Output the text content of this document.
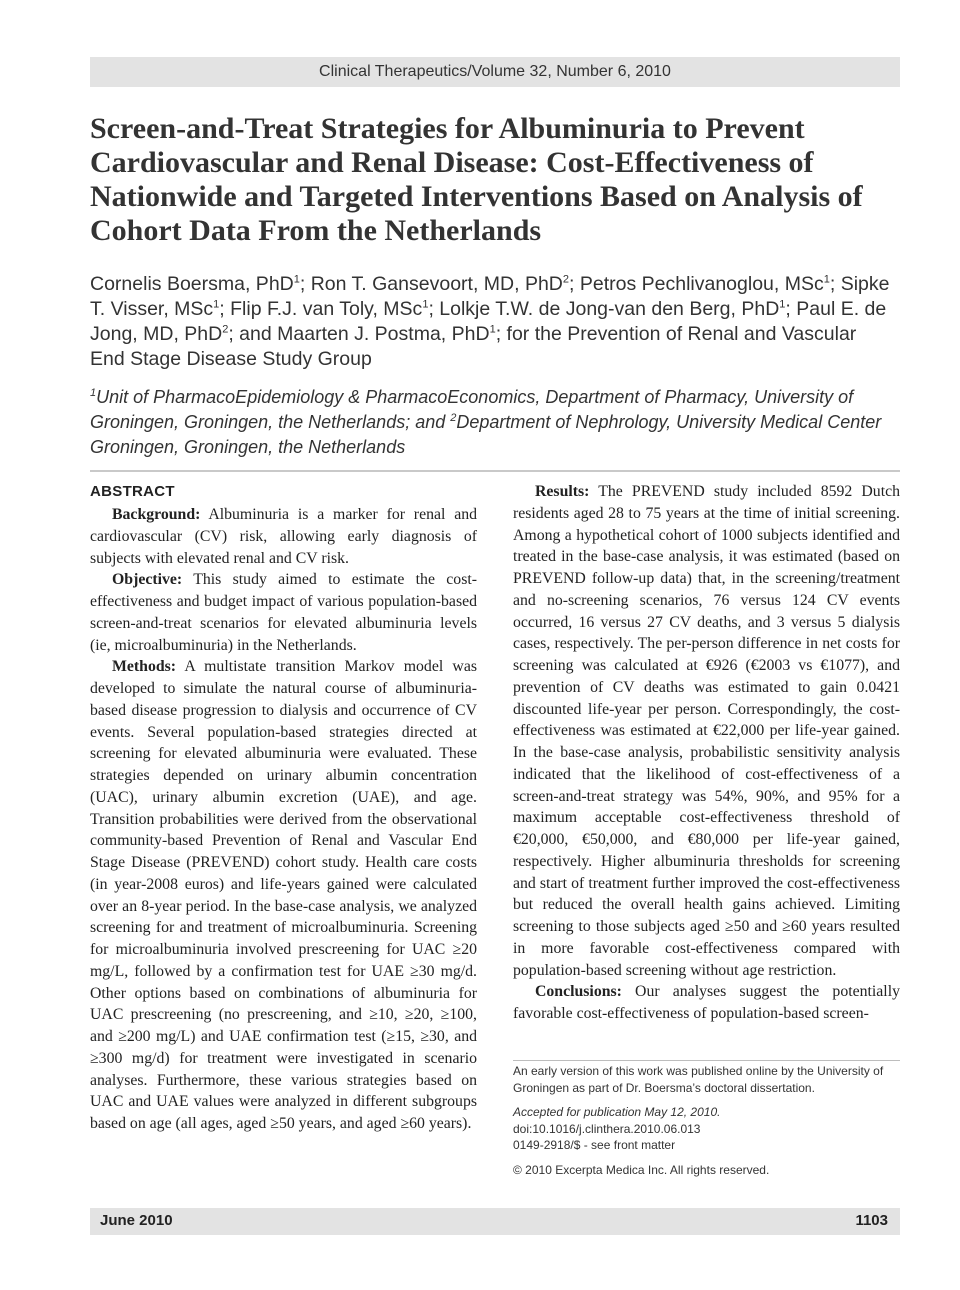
Clinical Therapeutics/Volume 32, Number 6, 2010
Screen-and-Treat Strategies for Albuminuria to Prevent Cardiovascular and Renal Disease: Cost-Effectiveness of Nationwide and Targeted Interventions Based on Analysis of Cohort Data From the Netherlands
Cornelis Boersma, PhD$^1$; Ron T. Gansevoort, MD, PhD$^2$; Petros Pechlivanoglou, MSc$^1$; Sipke T. Visser, MSc$^1$; Flip F.J. van Toly, MSc$^1$; Lolkje T.W. de Jong-van den Berg, PhD$^1$; Paul E. de Jong, MD, PhD$^2$; and Maarten J. Postma, PhD$^1$; for the Prevention of Renal and Vascular End Stage Disease Study Group
$^1$Unit of PharmacoEpidemiology & PharmacoEconomics, Department of Pharmacy, University of Groningen, Groningen, the Netherlands; and $^2$Department of Nephrology, University Medical Center Groningen, Groningen, the Netherlands
ABSTRACT

Background: Albuminuria is a marker for renal and cardiovascular (CV) risk, allowing early diagnosis of subjects with elevated renal and CV risk.

Objective: This study aimed to estimate the cost-effectiveness and budget impact of various population-based screen-and-treat scenarios for elevated albuminuria levels (ie, microalbuminuria) in the Netherlands.

Methods: A multistate transition Markov model was developed to simulate the natural course of albuminuria-based disease progression to dialysis and occurrence of CV events. Several population-based strategies directed at screening for elevated albuminuria were evaluated. These strategies depended on urinary albumin concentration (UAC), urinary albumin excretion (UAE), and age. Transition probabilities were derived from the observational community-based Prevention of Renal and Vascular End Stage Disease (PREVEND) cohort study. Health care costs (in year-2008 euros) and life-years gained were calculated over an 8-year period. In the base-case analysis, we analyzed screening for and treatment of microalbuminuria. Screening for microalbuminuria involved prescreening for UAC ≥20 mg/L, followed by a confirmation test for UAE ≥30 mg/d. Other options based on combinations of albuminuria for UAC prescreening (no prescreening, and ≥10, ≥20, ≥100, and ≥200 mg/L) and UAE confirmation test (≥15, ≥30, and ≥300 mg/d) for treatment were investigated in scenario analyses. Furthermore, these various strategies based on UAC and UAE values were analyzed in different subgroups based on age (all ages, aged ≥50 years, and aged ≥60 years).

Results: The PREVEND study included 8592 Dutch residents aged 28 to 75 years at the time of initial screening. Among a hypothetical cohort of 1000 subjects identified and treated in the base-case analysis, it was estimated (based on PREVEND follow-up data) that, in the screening/treatment and no-screening scenarios, 76 versus 124 CV events occurred, 16 versus 27 CV deaths, and 3 versus 5 dialysis cases, respectively. The per-person difference in net costs for screening was calculated at €926 (€2003 vs €1077), and prevention of CV deaths was estimated to gain 0.0421 discounted life-year per person. Correspondingly, the cost-effectiveness was estimated at €22,000 per life-year gained. In the base-case analysis, probabilistic sensitivity analysis indicated that the likelihood of cost-effectiveness of a screen-and-treat strategy was 54%, 90%, and 95% for a maximum acceptable cost-effectiveness threshold of €20,000, €50,000, and €80,000 per life-year gained, respectively. Higher albuminuria thresholds for screening and start of treatment further improved the cost-effectiveness but reduced the overall health gains achieved. Limiting screening to those subjects aged ≥50 and ≥60 years resulted in more favorable cost-effectiveness compared with population-based screening without age restriction.

Conclusions: Our analyses suggest the potentially favorable cost-effectiveness of population-based screen-

An early version of this work was published online by the University of Groningen as part of Dr. Boersma’s doctoral dissertation.

Accepted for publication May 12, 2010.

doi:10.1016/j.clinthera.2010.06.013

0149-2918/$ - see front matter

© 2010 Excerpta Medica Inc. All rights reserved.

June 2010	1103
